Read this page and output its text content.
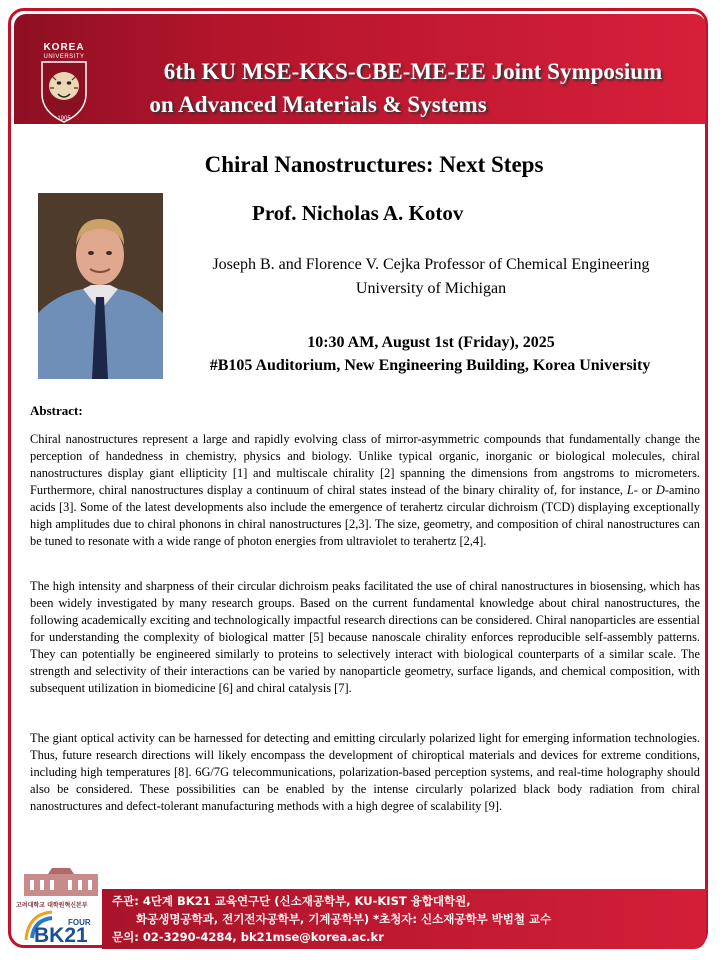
KOREA
UNIVERSITY
1905
6th KU MSE-KKS-CBE-ME-EE Joint Symposium
on Advanced Materials & Systems
Chiral Nanostructures: Next Steps
Prof. Nicholas A. Kotov
Joseph B. and Florence V. Cejka Professor of Chemical Engineering
University of Michigan
10:30 AM, August 1st (Friday), 2025
#B105 Auditorium, New Engineering Building, Korea University
Abstract:
Chiral nanostructures represent a large and rapidly evolving class of mirror-asymmetric compounds that fundamentally change the perception of handedness in chemistry, physics and biology. Unlike typical organic, inorganic or biological molecules, chiral nanostructures display giant ellipticity [1] and multiscale chirality [2] spanning the dimensions from angstroms to micrometers. Furthermore, chiral nanostructures display a continuum of chiral states instead of the binary chirality of, for instance, L- or D-amino acids [3]. Some of the latest developments also include the emergence of terahertz circular dichroism (TCD) displaying exceptionally high amplitudes due to chiral phonons in chiral nanostructures [2,3]. The size, geometry, and composition of chiral nanostructures can be tuned to resonate with a wide range of photon energies from ultraviolet to terahertz [2,4].
The high intensity and sharpness of their circular dichroism peaks facilitated the use of chiral nanostructures in biosensing, which has been widely investigated by many research groups. Based on the current fundamental knowledge about chiral nanostructures, the following academically exciting and technologically impactful research directions can be considered. Chiral nanoparticles are essential for understanding the complexity of biological matter [5] because nanoscale chirality enforces reproducible self-assembly patterns. They can potentially be engineered similarly to proteins to selectively interact with biological counterparts of a similar scale. The strength and selectivity of their interactions can be varied by nanoparticle geometry, surface ligands, and chemical composition, with subsequent utilization in biomedicine [6] and chiral catalysis [7].
The giant optical activity can be harnessed for detecting and emitting circularly polarized light for emerging information technologies. Thus, future research directions will likely encompass the development of chiroptical materials and devices for extreme conditions, including high temperatures [8]. 6G/7G telecommunications, polarization-based perception systems, and real-time holography should also be considered. These possibilities can be enabled by the intense circularly polarized black body radiation from chiral nanostructures and defect-tolerant manufacturing methods with a high degree of scalability [9].
고려대학교 대학원혁신본부
FOUR
BK21
주관: 4단계 BK21 교육연구단 (신소재공학부, KU-KIST 융합대학원,
화공생명공학과, 전기전자공학부, 기계공학부) *초청자: 신소재공학부 박범철 교수
문의: 02-3290-4284, bk21mse@korea.ac.kr
